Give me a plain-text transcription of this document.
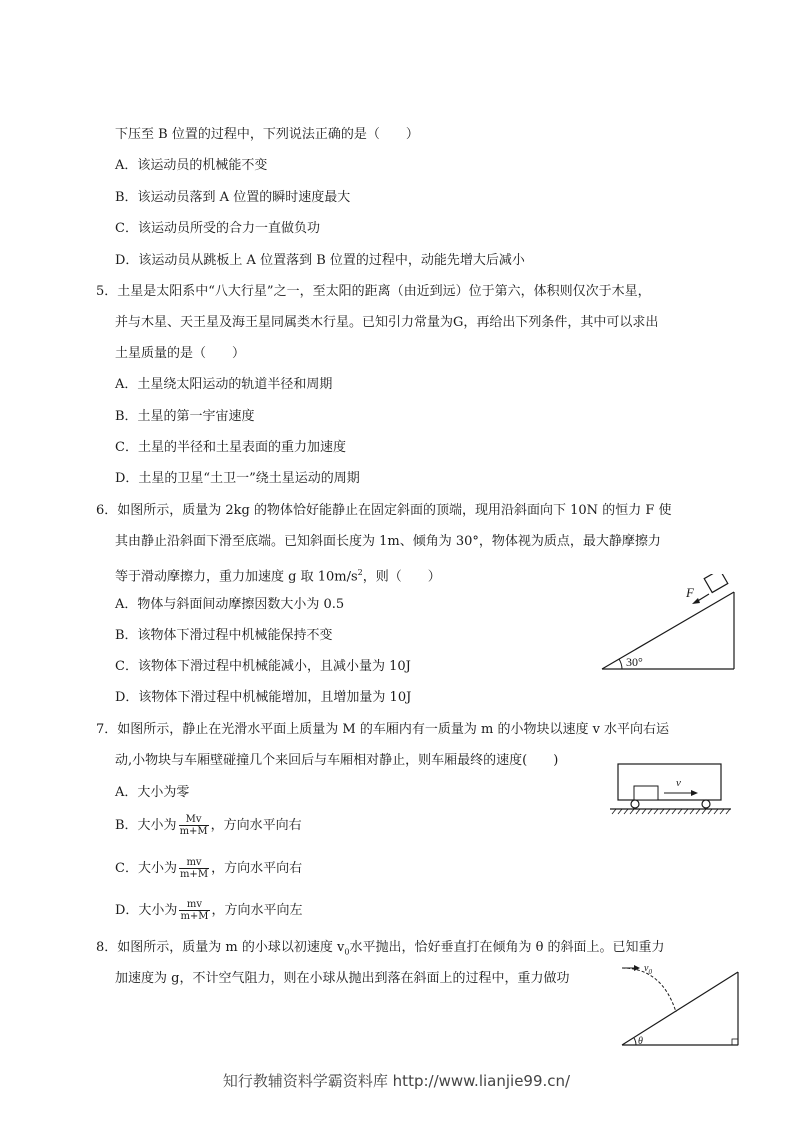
下压至 B 位置的过程中，下列说法正确的是（　　）
A．该运动员的机械能不变
B．该运动员落到 A 位置的瞬时速度最大
C．该运动员所受的合力一直做负功
D．该运动员从跳板上 A 位置落到 B 位置的过程中，动能先增大后减小
5．土星是太阳系中“八大行星”之一，至太阳的距离（由近到远）位于第六，体积则仅次于木星，
并与木星、天王星及海王星同属类木行星。已知引力常量为G，再给出下列条件，其中可以求出
土星质量的是（　　）
A．土星绕太阳运动的轨道半径和周期
B．土星的第一宇宙速度
C．土星的半径和土星表面的重力加速度
D．土星的卫星“土卫一”绕土星运动的周期
6．如图所示，质量为 2kg 的物体恰好能静止在固定斜面的顶端，现用沿斜面向下 10N 的恒力 F 使
其由静止沿斜面下滑至底端。已知斜面长度为 1m、倾角为 30°，物体视为质点，最大静摩擦力
等于滑动摩擦力，重力加速度 g 取 $10m/s^2$，则（　　）
A．物体与斜面间动摩擦因数大小为 0.5
B．该物体下滑过程中机械能保持不变
C．该物体下滑过程中机械能减小，且减小量为 10J
D．该物体下滑过程中机械能增加，且增加量为 10J
F
30°
7．如图所示，静止在光滑水平面上质量为 M 的车厢内有一质量为 m 的小物块以速度 v 水平向右运
动,小物块与车厢壁碰撞几个来回后与车厢相对静止，则车厢最终的速度(　　)
A．大小为零
B．大小为 $\frac{Mv}{m+M}$ ，方向水平向右
C．大小为 $\frac{mv}{m+M}$ ，方向水平向右
D．大小为 $\frac{mv}{m+M}$ ，方向水平向左
v
8．如图所示，质量为 m 的小球以初速度 $v_0$水平抛出，恰好垂直打在倾角为 θ 的斜面上。已知重力
加速度为 g，不计空气阻力，则在小球从抛出到落在斜面上的过程中，重力做功
$v_0$
θ
知行教辅资料学霸资料库 http://www.lianjie99.cn/
